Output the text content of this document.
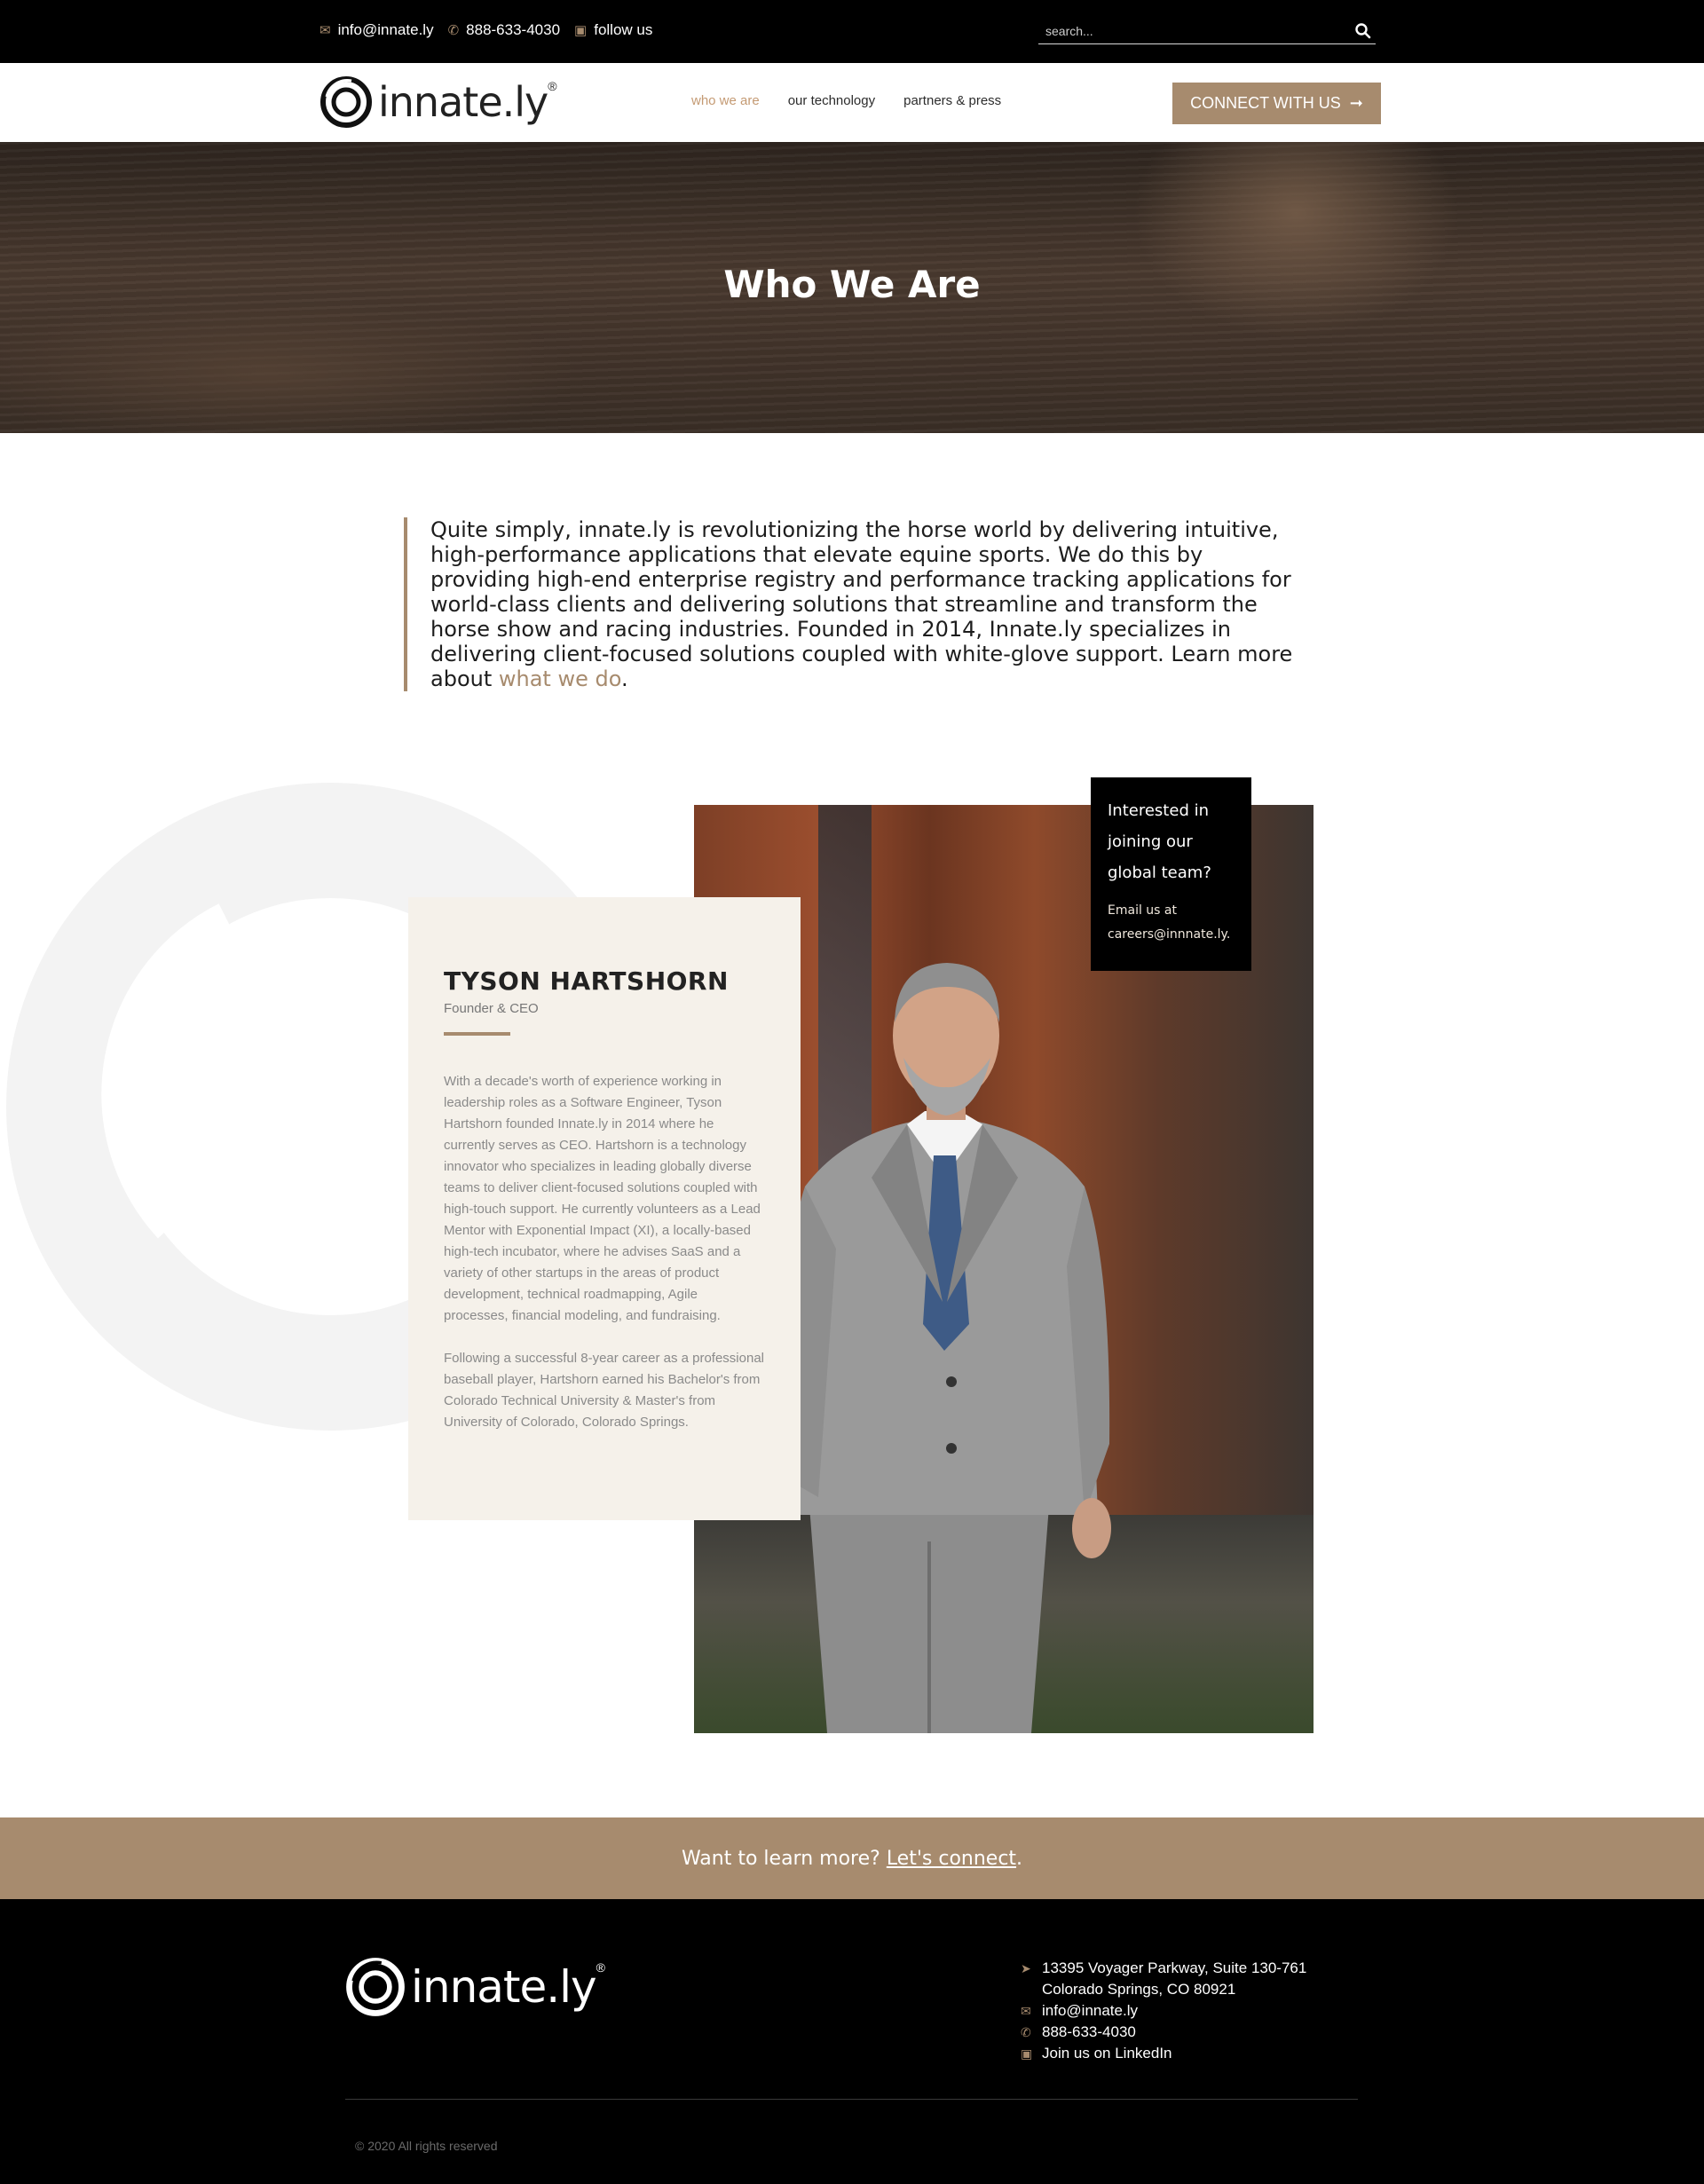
✉ info@innate.ly ✆ 888-633-4030 ▣ follow us
search...
innate.ly ®
who we are our technology partners & press	CONNECT WITH US ➞
Who We Are
Quite simply, innate.ly is revolutionizing the horse world by delivering intuitive, high-performance applications that elevate equine sports. We do this by providing high-end enterprise registry and performance tracking applications for world-class clients and delivering solutions that streamline and transform the horse show and racing industries. Founded in 2014, Innate.ly specializes in delivering client-focused solutions coupled with white-glove support. Learn more about what we do.
Interested in joining our global team?
Email us at careers@innnate.ly.
TYSON HARTSHORN
Founder & CEO

With a decade's worth of experience working in leadership roles as a Software Engineer, Tyson Hartshorn founded Innate.ly in 2014 where he currently serves as CEO. Hartshorn is a technology innovator who specializes in leading globally diverse teams to deliver client-focused solutions coupled with high-touch support. He currently volunteers as a Lead Mentor with Exponential Impact (XI), a locally-based high-tech incubator, where he advises SaaS and a variety of other startups in the areas of product development, technical roadmapping, Agile processes, financial modeling, and fundraising.

Following a successful 8-year career as a professional baseball player, Hartshorn earned his Bachelor's from Colorado Technical University & Master's from University of Colorado, Colorado Springs.

Want to learn more? Let's connect .
innate.ly ®	➤ 13395 Voyager Parkway, Suite 130-761
Colorado Springs, CO 80921
✉ info@innate.ly
✆ 888-633-4030
▣ Join us on LinkedIn
© 2020 All rights reserved
